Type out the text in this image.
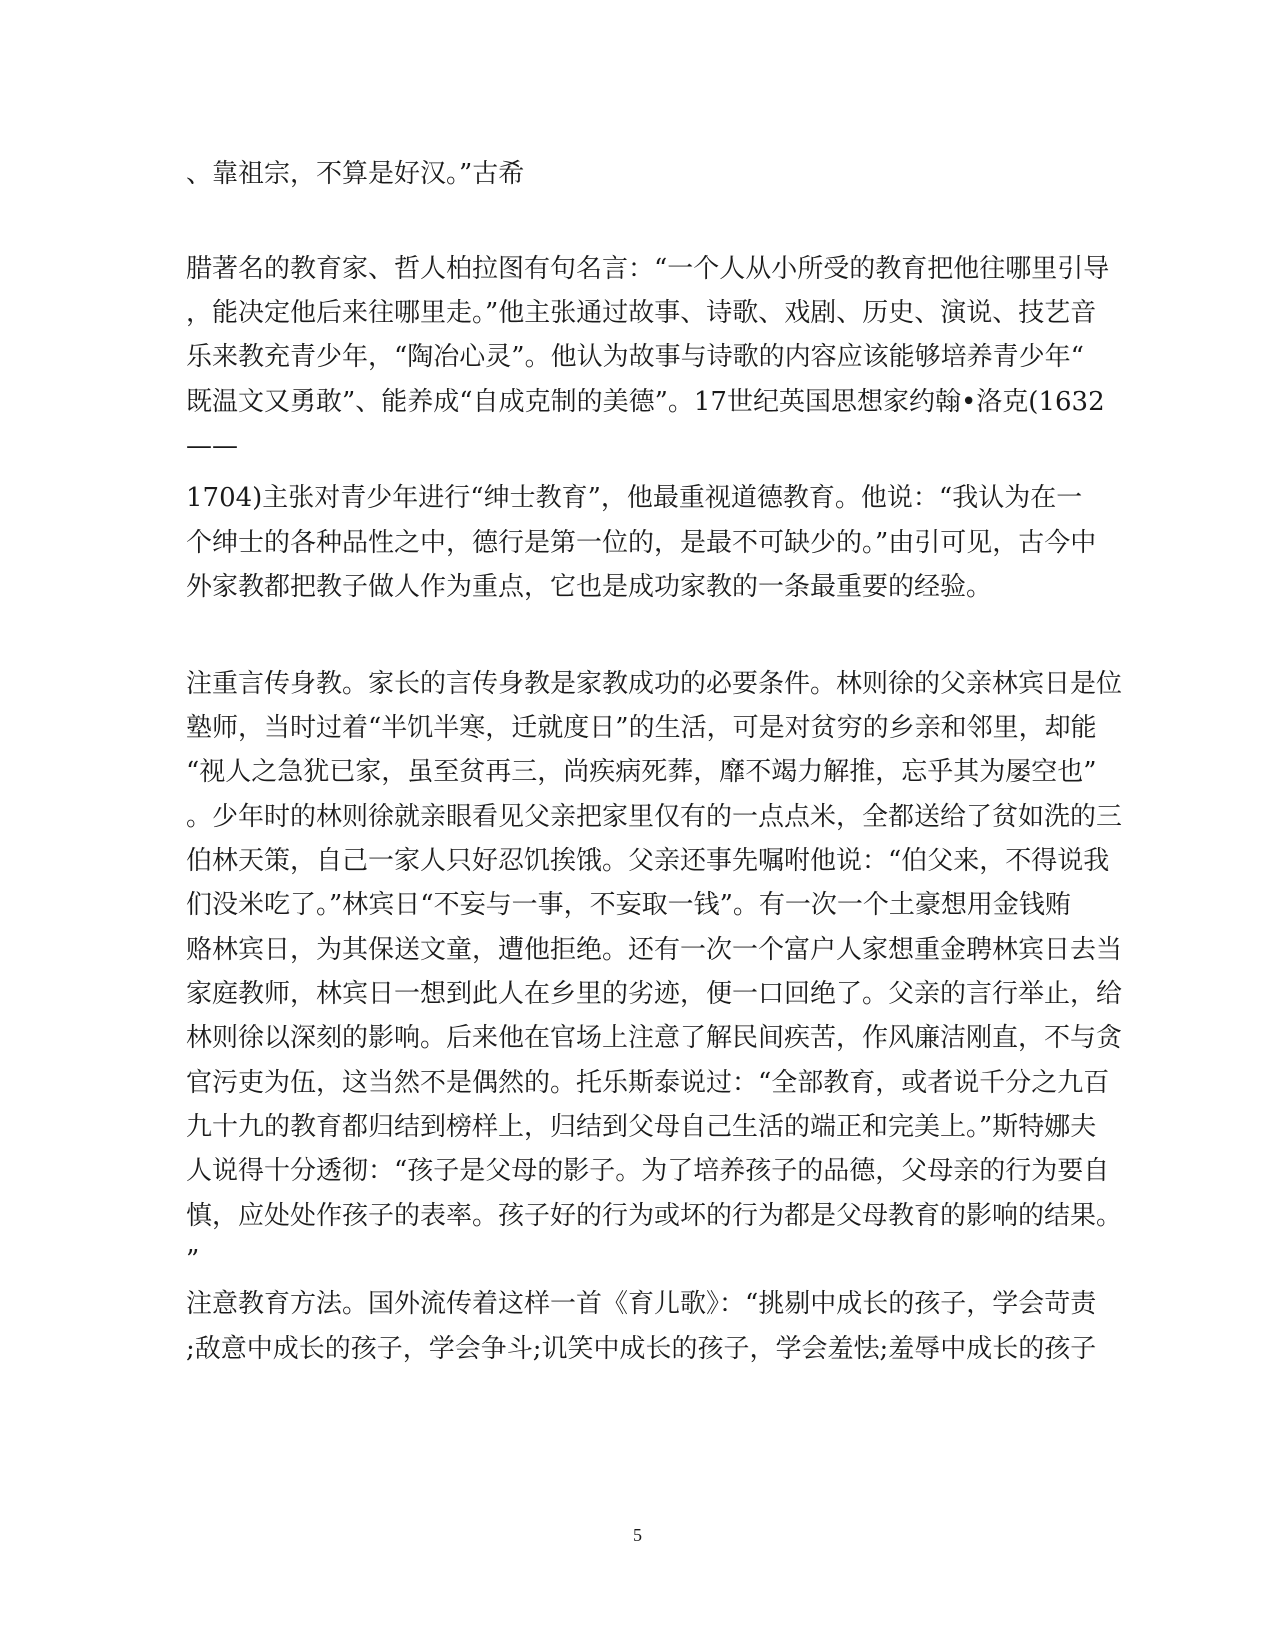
、靠祖宗，不算是好汉。”古希
腊著名的教育家、哲人柏拉图有句名言：“一个人从小所受的教育把他往哪里引导
，能决定他后来往哪里走。”他主张通过故事、诗歌、戏剧、历史、演说、技艺音
乐来教充青少年，“陶冶心灵”。他认为故事与诗歌的内容应该能够培养青少年“
既温文又勇敢”、能养成“自成克制的美德”。17世纪英国思想家约翰•洛克(1632
——
1704)主张对青少年进行“绅士教育”，他最重视道德教育。他说：“我认为在一
个绅士的各种品性之中，德行是第一位的，是最不可缺少的。”由引可见，古今中
外家教都把教子做人作为重点，它也是成功家教的一条最重要的经验。
注重言传身教。家长的言传身教是家教成功的必要条件。林则徐的父亲林宾日是位
塾师，当时过着“半饥半寒，迁就度日”的生活，可是对贫穷的乡亲和邻里，却能
“视人之急犹已家，虽至贫再三，尚疾病死葬，靡不竭力解推，忘乎其为屡空也”
。少年时的林则徐就亲眼看见父亲把家里仅有的一点点米，全都送给了贫如洗的三
伯林天策，自己一家人只好忍饥挨饿。父亲还事先嘱咐他说：“伯父来，不得说我
们没米吃了。”林宾日“不妄与一事，不妄取一钱”。有一次一个土豪想用金钱贿
赂林宾日，为其保送文童，遭他拒绝。还有一次一个富户人家想重金聘林宾日去当
家庭教师，林宾日一想到此人在乡里的劣迹，便一口回绝了。父亲的言行举止，给
林则徐以深刻的影响。后来他在官场上注意了解民间疾苦，作风廉洁刚直，不与贪
官污吏为伍，这当然不是偶然的。托乐斯泰说过：“全部教育，或者说千分之九百
九十九的教育都归结到榜样上，归结到父母自己生活的端正和完美上。”斯特娜夫
人说得十分透彻：“孩子是父母的影子。为了培养孩子的品德，父母亲的行为要自
慎，应处处作孩子的表率。孩子好的行为或坏的行为都是父母教育的影响的结果。
”
注意教育方法。国外流传着这样一首《育儿歌》：“挑剔中成长的孩子，学会苛责
;敌意中成长的孩子，学会争斗;讥笑中成长的孩子，学会羞怯;羞辱中成长的孩子
5
